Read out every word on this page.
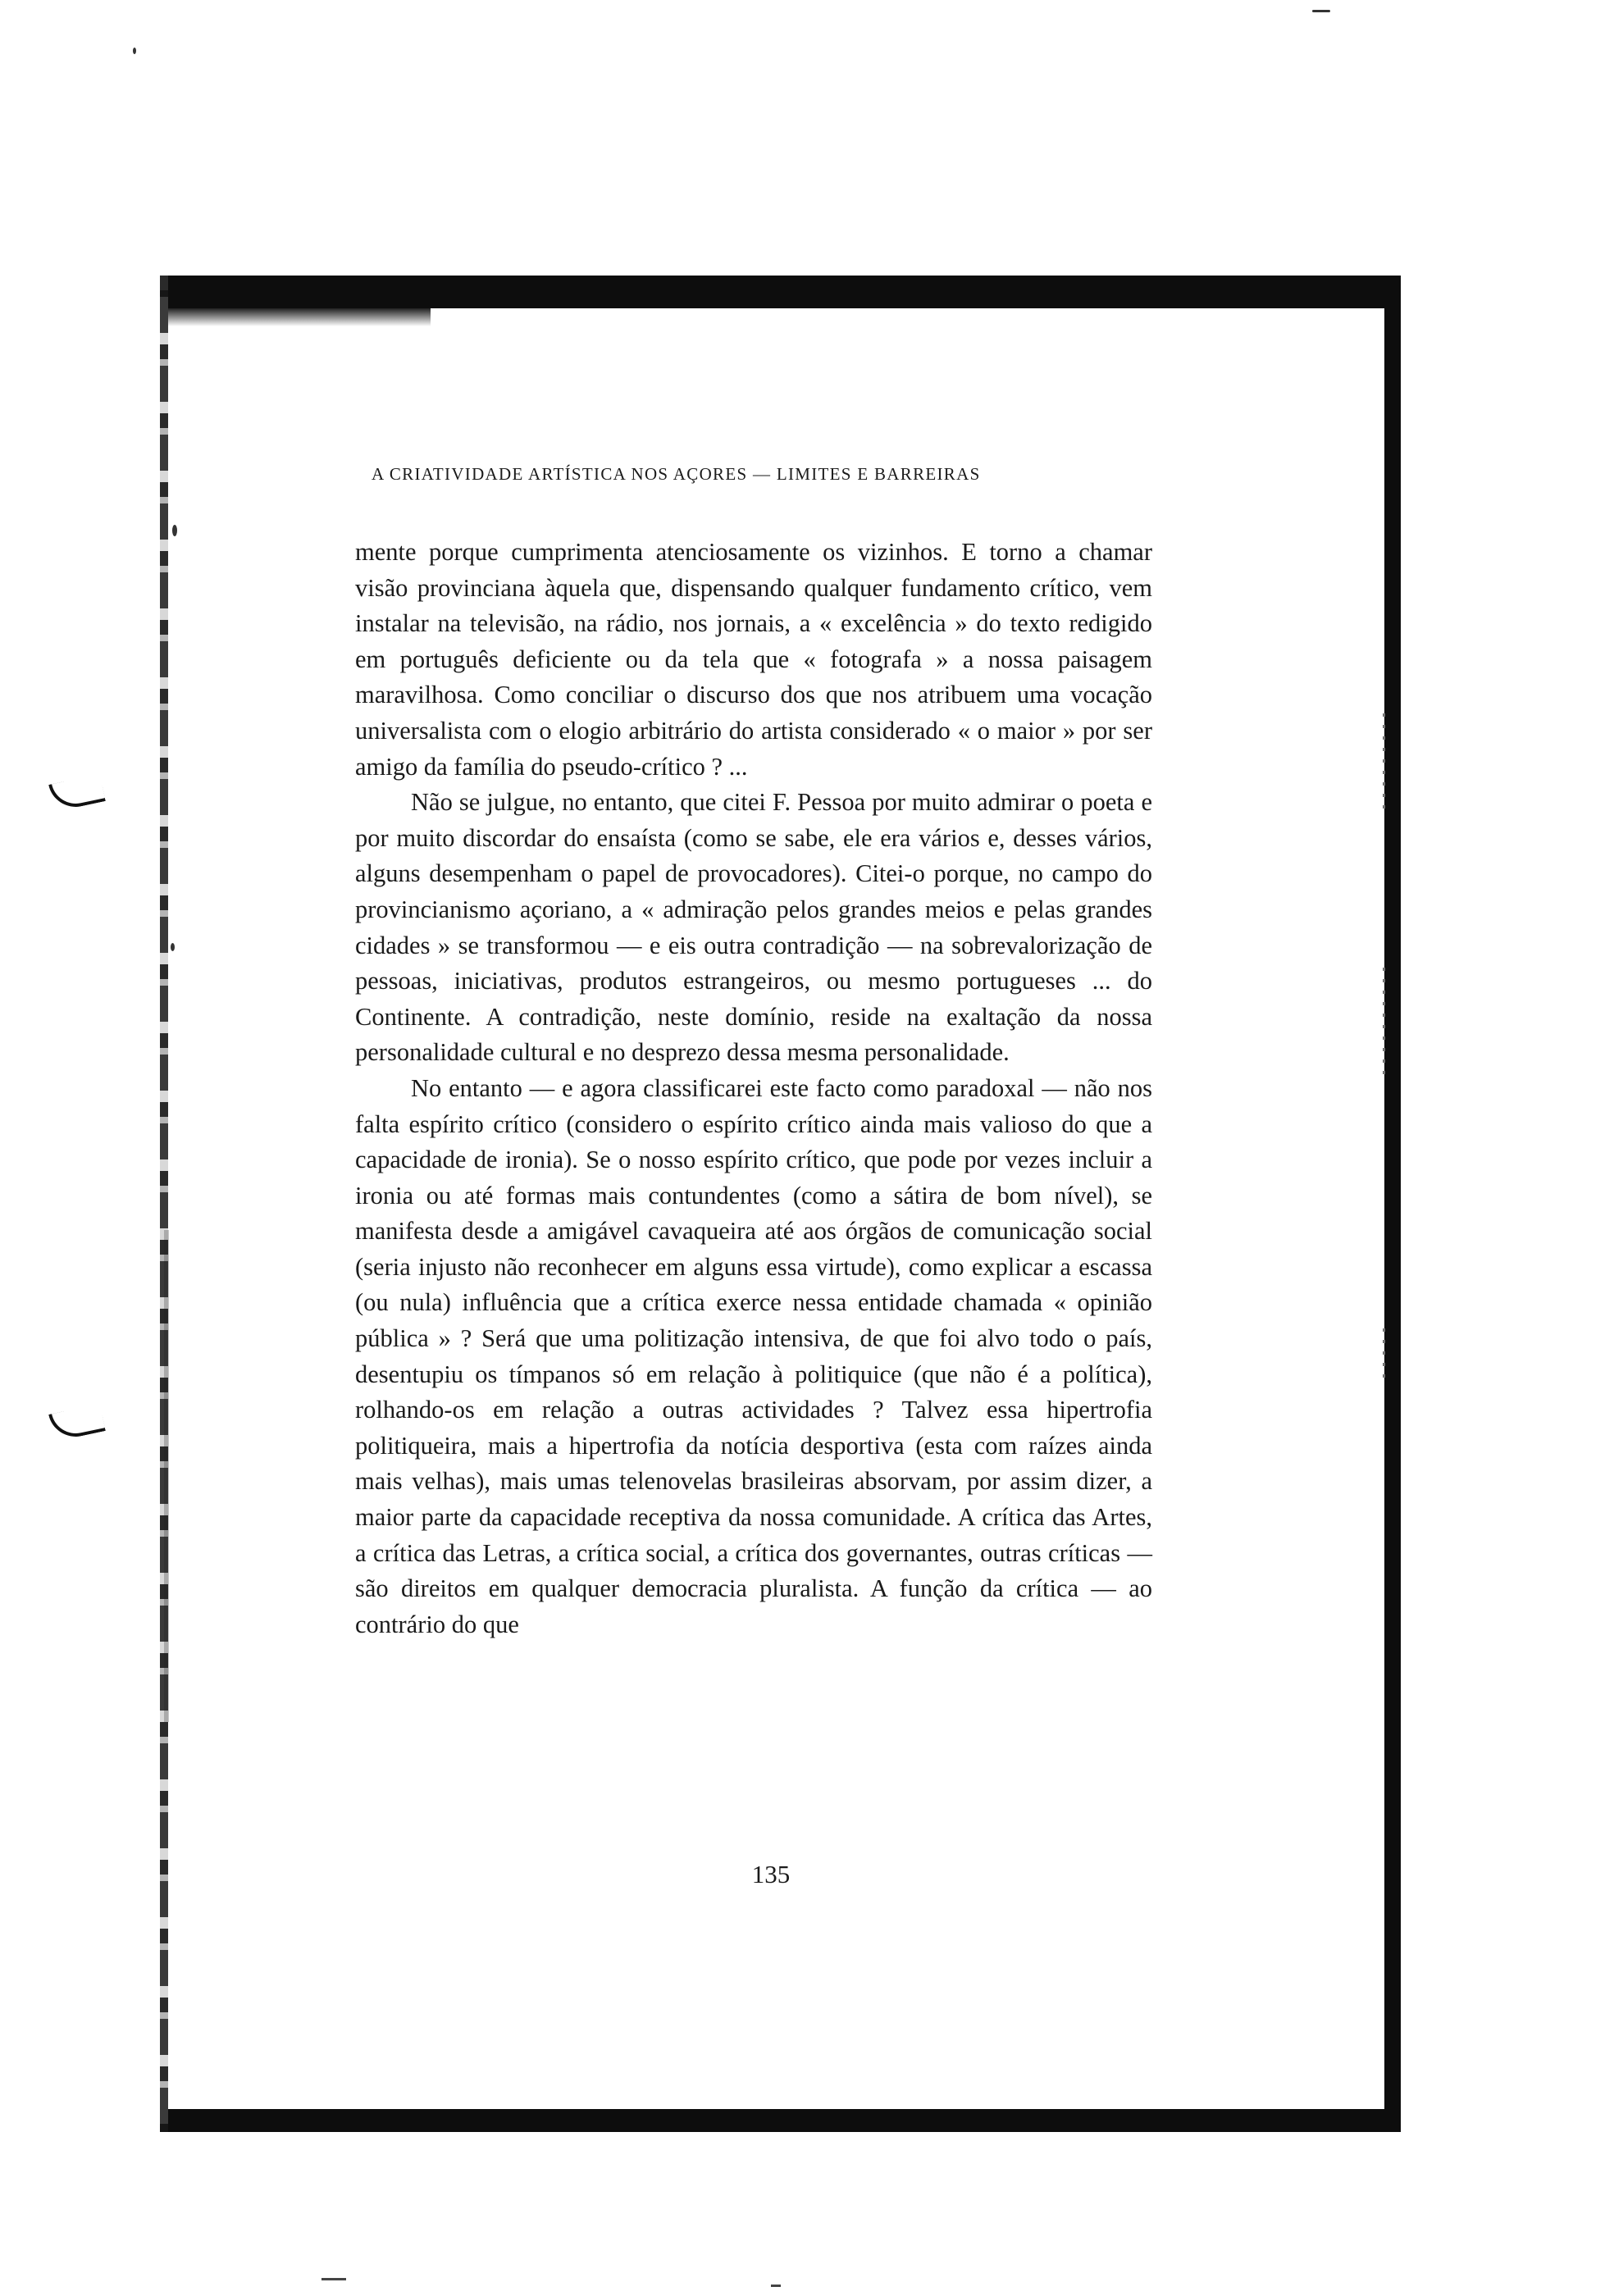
A CRIATIVIDADE ARTÍSTICA NOS AÇORES — LIMITES E BARREIRAS

mente porque cumprimenta atenciosamente os vizinhos. E torno a chamar visão provinciana àquela que, dispensando qualquer fundamento crítico, vem instalar na televisão, na rádio, nos jornais, a « excelência » do texto redigido em português deficiente ou da tela que « fotografa » a nossa paisagem maravilhosa. Como conciliar o discurso dos que nos atribuem uma vocação universalista com o elogio arbitrário do artista considerado « o maior » por ser amigo da família do pseudo-crítico ? ...

Não se julgue, no entanto, que citei F. Pessoa por muito admirar o poeta e por muito discordar do ensaísta (como se sabe, ele era vários e, desses vários, alguns desempenham o papel de provocadores). Citei-o porque, no campo do provincianismo açoriano, a « admiração pelos grandes meios e pelas grandes cidades » se transformou — e eis outra contradição — na sobrevalorização de pessoas, iniciativas, produtos estrangeiros, ou mesmo portugueses ... do Continente. A contradição, neste domínio, reside na exaltação da nossa personalidade cultural e no desprezo dessa mesma personalidade.

No entanto — e agora classificarei este facto como paradoxal — não nos falta espírito crítico (considero o espírito crítico ainda mais valioso do que a capacidade de ironia). Se o nosso espírito crítico, que pode por vezes incluir a ironia ou até formas mais contundentes (como a sátira de bom nível), se manifesta desde a amigável cavaqueira até aos órgãos de comunicação social (seria injusto não reconhecer em alguns essa virtude), como explicar a escassa (ou nula) influência que a crítica exerce nessa entidade chamada « opinião pública » ? Será que uma politização intensiva, de que foi alvo todo o país, desentupiu os tímpanos só em relação à politiquice (que não é a política), rolhando-os em relação a outras actividades ? Talvez essa hipertrofia politiqueira, mais a hipertrofia da notícia desportiva (esta com raízes ainda mais velhas), mais umas telenovelas brasileiras absorvam, por assim dizer, a maior parte da capacidade receptiva da nossa comunidade. A crítica das Artes, a crítica das Letras, a crítica social, a crítica dos governantes, outras críticas — são direitos em qualquer democracia pluralista. A função da crítica — ao contrário do que

135
